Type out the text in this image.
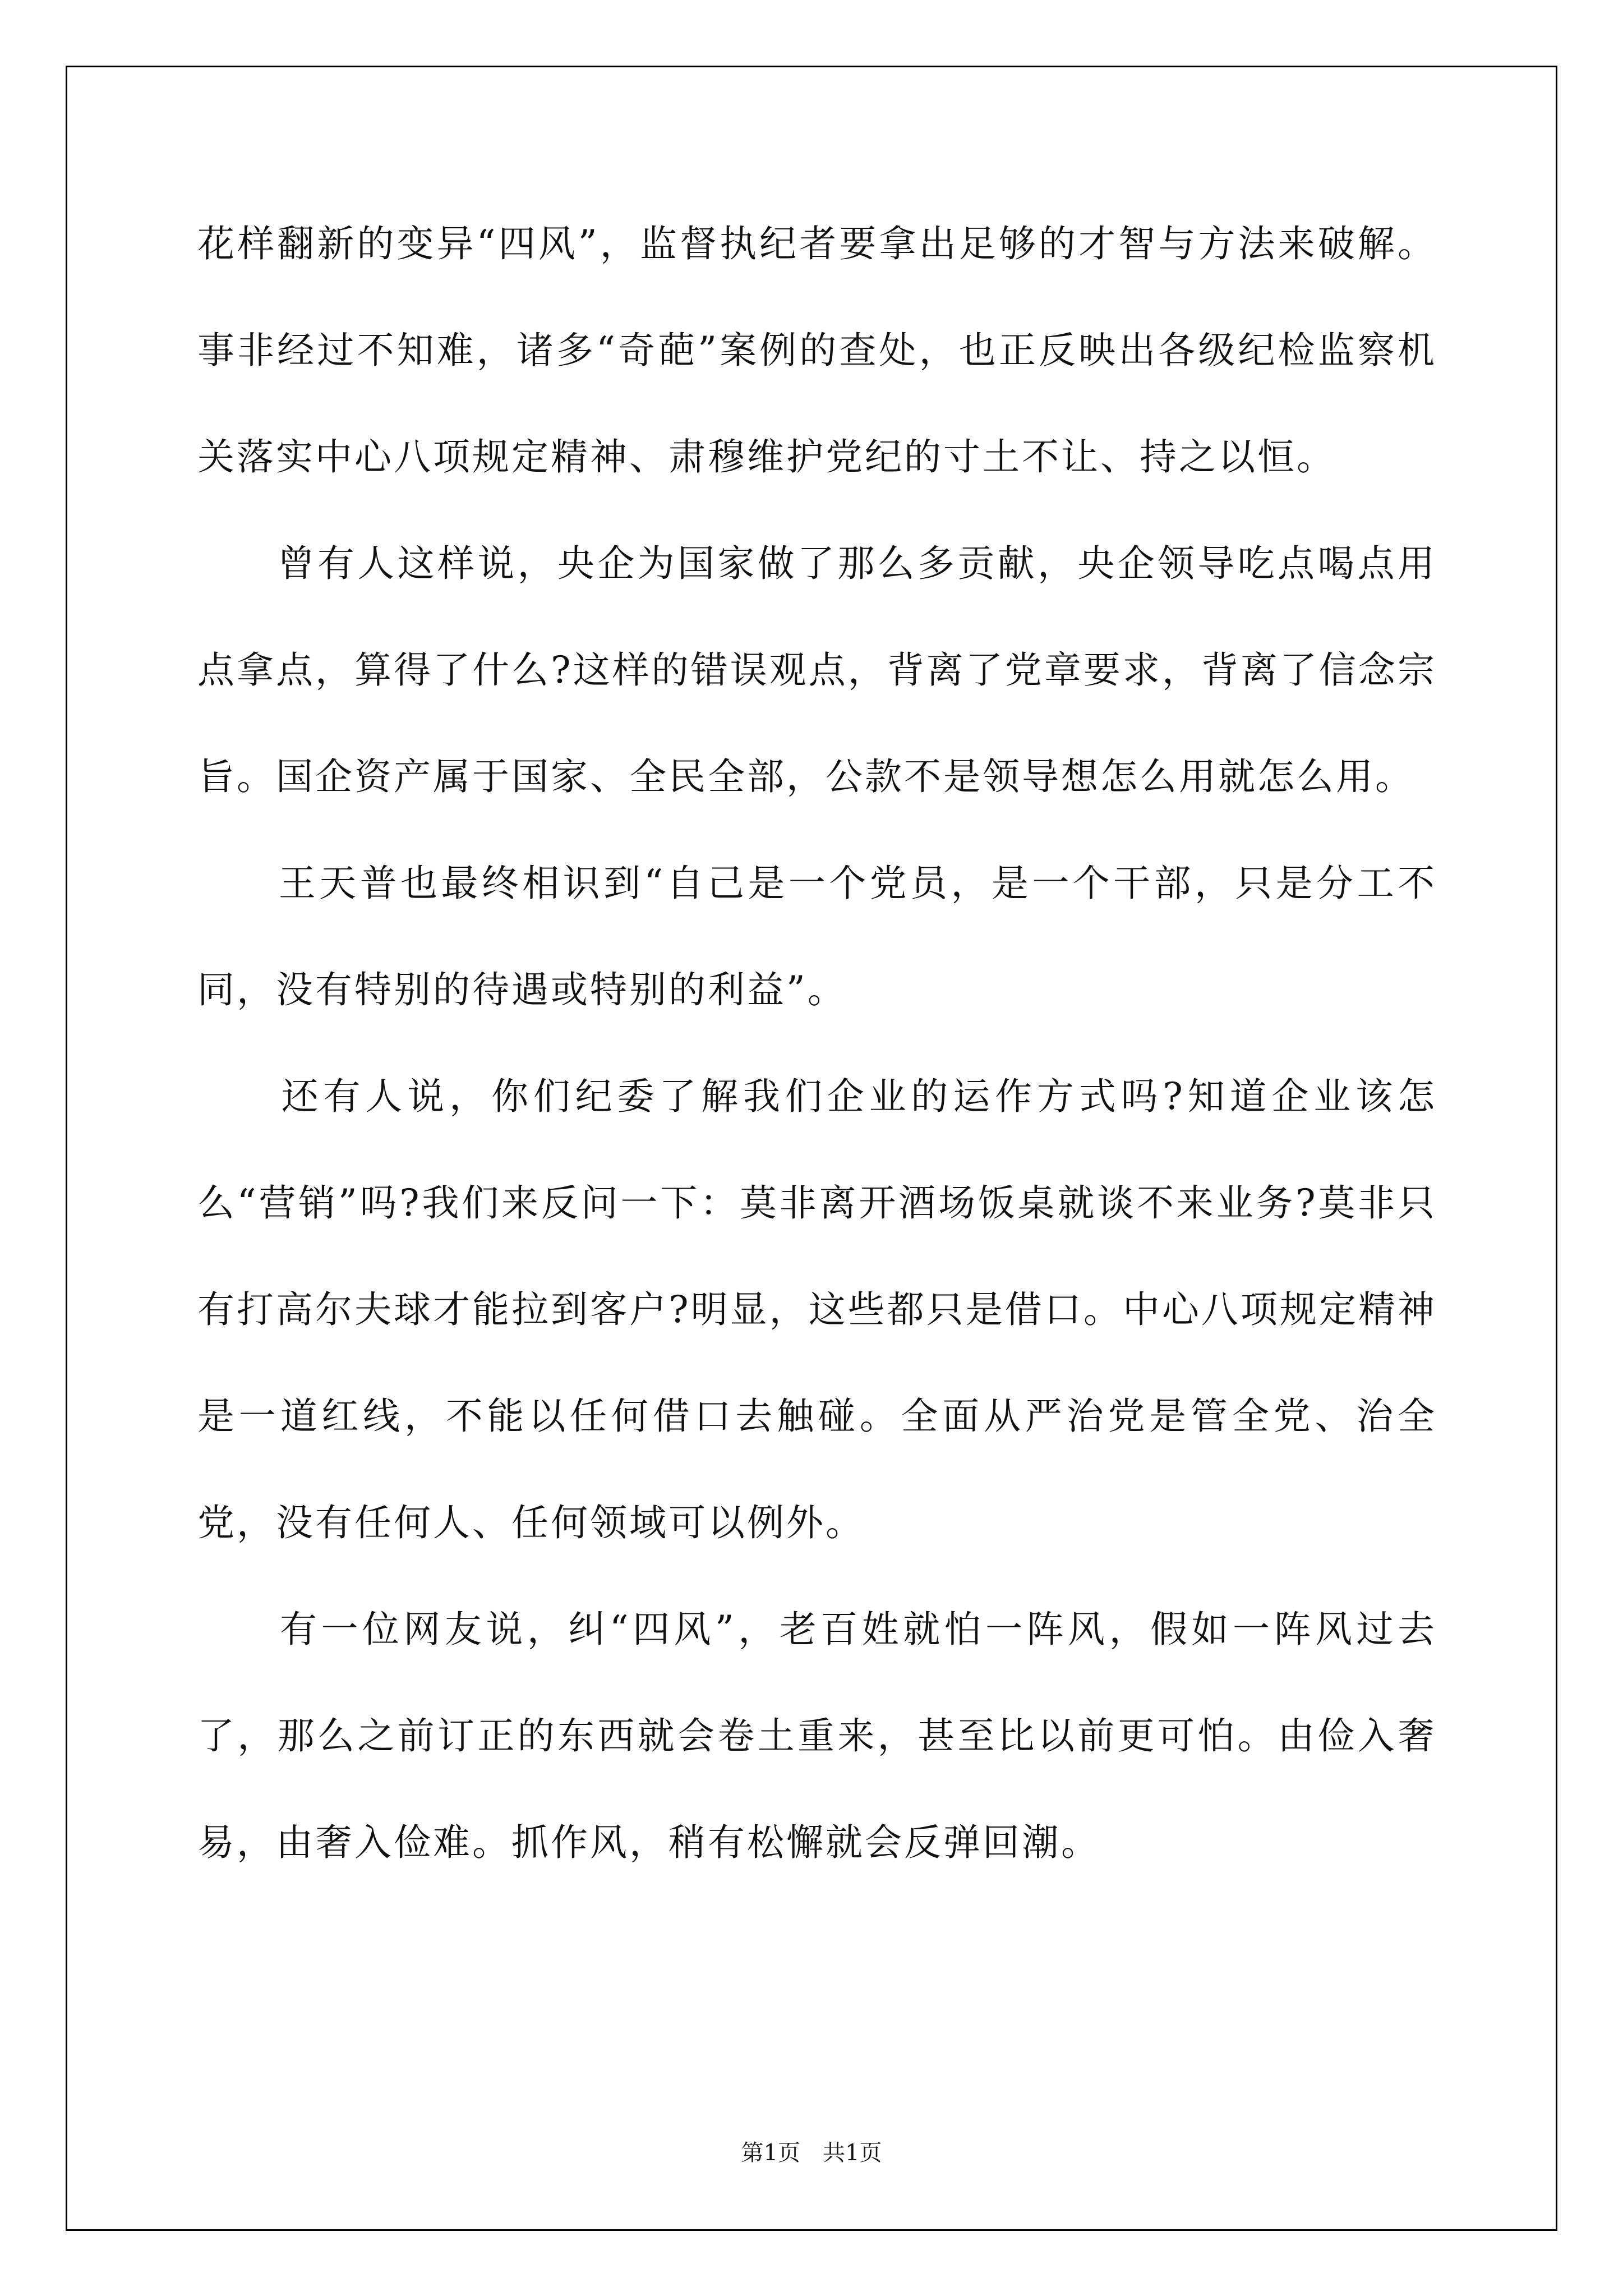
花样翻新的变异“四风”，监督执纪者要拿出足够的才智与方法来破解。事非经过不知难，诸多“奇葩”案例的查处，也正反映出各级纪检监察机关落实中心八项规定精神、肃穆维护党纪的寸土不让、持之以恒。

　　曾有人这样说，央企为国家做了那么多贡献，央企领导吃点喝点用点拿点，算得了什么?这样的错误观点，背离了党章要求，背离了信念宗旨。国企资产属于国家、全民全部，公款不是领导想怎么用就怎么用。

　　王天普也最终相识到“自己是一个党员，是一个干部，只是分工不同，没有特别的待遇或特别的利益”。

　　还有人说，你们纪委了解我们企业的运作方式吗?知道企业该怎么“营销”吗?我们来反问一下：莫非离开酒场饭桌就谈不来业务?莫非只有打高尔夫球才能拉到客户?明显，这些都只是借口。中心八项规定精神是一道红线，不能以任何借口去触碰。全面从严治党是管全党、治全党，没有任何人、任何领域可以例外。

　　有一位网友说，纠“四风”，老百姓就怕一阵风，假如一阵风过去了，那么之前订正的东西就会卷土重来，甚至比以前更可怕。由俭入奢易，由奢入俭难。抓作风，稍有松懈就会反弹回潮。

第1页　共1页
